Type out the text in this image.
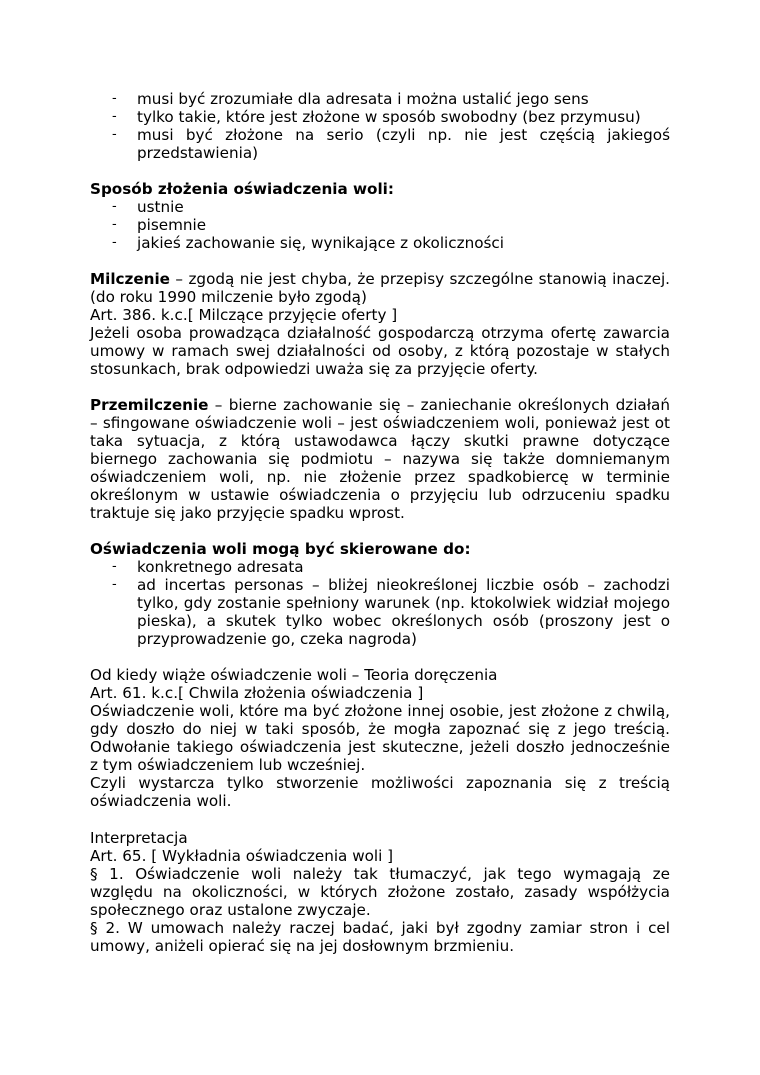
- musi być zrozumiałe dla adresata i można ustalić jego sens
- tylko takie, które jest złożone w sposób swobodny (bez przymusu)
- musi być złożone na serio (czyli np. nie jest częścią jakiegoś przedstawienia)

Sposób złożenia oświadczenia woli:

- ustnie
- pisemnie
- jakieś zachowanie się, wynikające z okoliczności

Milczenie – zgodą nie jest chyba, że przepisy szczególne stanowią inaczej. (do roku 1990 milczenie było zgodą)

Art. 386. k.c.[ Milczące przyjęcie oferty ]

Jeżeli osoba prowadząca działalność gospodarczą otrzyma ofertę zawarcia umowy w ramach swej działalności od osoby, z którą pozostaje w stałych stosunkach, brak odpowiedzi uważa się za przyjęcie oferty.

Przemilczenie – bierne zachowanie się – zaniechanie określonych działań – sfingowane oświadczenie woli – jest oświadczeniem woli, ponieważ jest ot taka sytuacja, z którą ustawodawca łączy skutki prawne dotyczące biernego zachowania się podmiotu – nazywa się także domniemanym oświadczeniem woli, np. nie złożenie przez spadkobiercę w terminie określonym w ustawie oświadczenia o przyjęciu lub odrzuceniu spadku traktuje się jako przyjęcie spadku wprost.

Oświadczenia woli mogą być skierowane do:

- konkretnego adresata
- ad incertas personas – bliżej nieokreślonej liczbie osób – zachodzi tylko, gdy zostanie spełniony warunek (np. ktokolwiek widział mojego pieska), a skutek tylko wobec określonych osób (proszony jest o przyprowadzenie go, czeka nagroda)

Od kiedy wiąże oświadczenie woli – Teoria doręczenia

Art. 61. k.c.[ Chwila złożenia oświadczenia ]

Oświadczenie woli, które ma być złożone innej osobie, jest złożone z chwilą, gdy doszło do niej w taki sposób, że mogła zapoznać się z jego treścią. Odwołanie takiego oświadczenia jest skuteczne, jeżeli doszło jednocześnie z tym oświadczeniem lub wcześniej.

Czyli wystarcza tylko stworzenie możliwości zapoznania się z treścią oświadczenia woli.

Interpretacja

Art. 65. [ Wykładnia oświadczenia woli ]

§ 1. Oświadczenie woli należy tak tłumaczyć, jak tego wymagają ze względu na okoliczności, w których złożone zostało, zasady współżycia społecznego oraz ustalone zwyczaje.

§ 2. W umowach należy raczej badać, jaki był zgodny zamiar stron i cel umowy, aniżeli opierać się na jej dosłownym brzmieniu.
